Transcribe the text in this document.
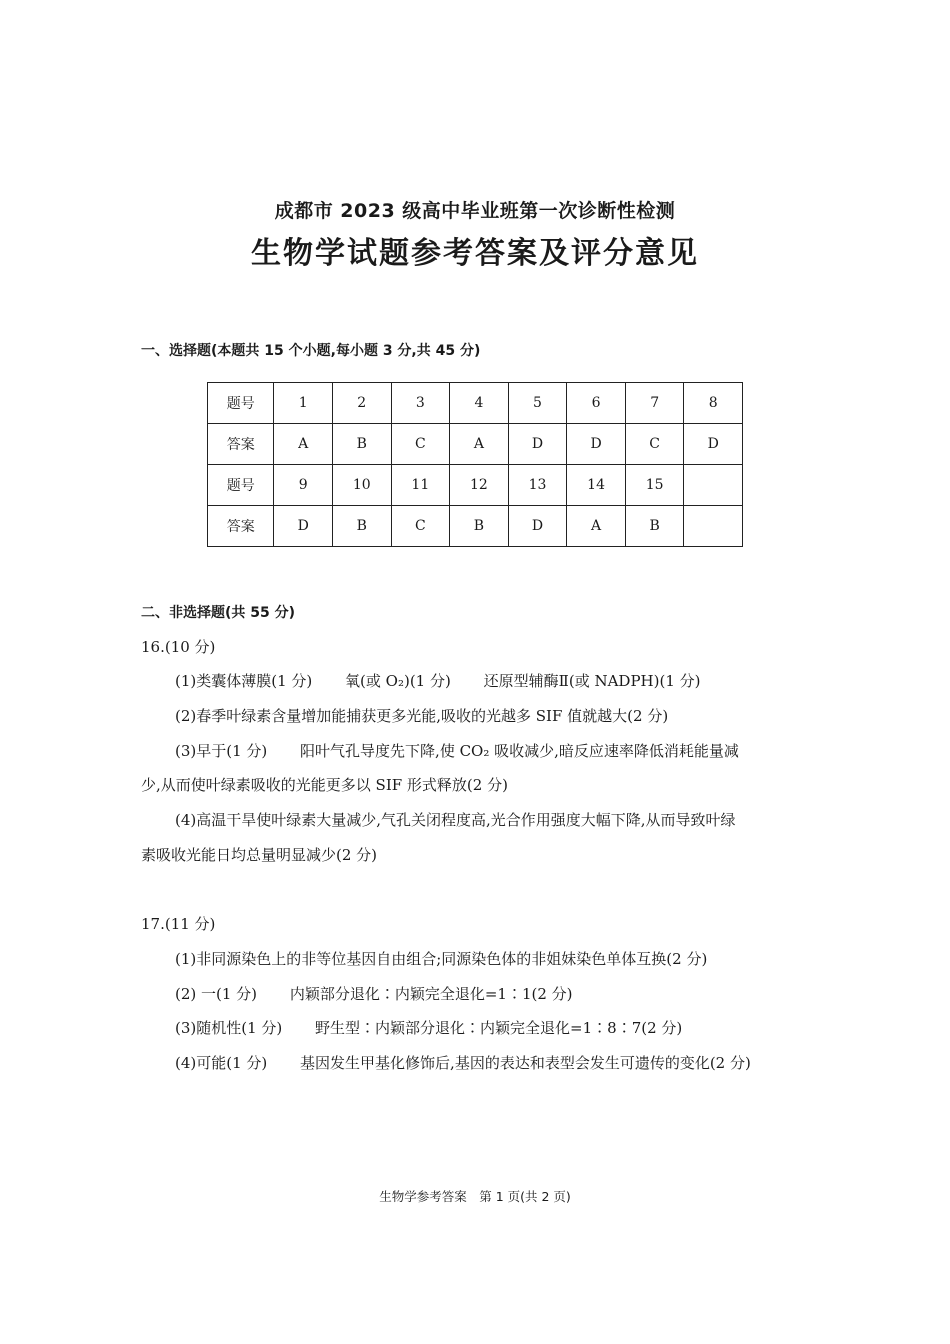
成都市 2023 级高中毕业班第一次诊断性检测
生物学试题参考答案及评分意见
一、选择题(本题共 15 个小题,每小题 3 分,共 45 分)
题号	1	2	3	4	5	6	7	8
答案	A	B	C	A	D	D	C	D
题号	9	10	11	12	13	14	15	
答案	D	B	C	B	D	A	B	
二、非选择题(共 55 分)
16.(10 分)
(1)类囊体薄膜(1 分) 氧(或 O₂)(1 分) 还原型辅酶Ⅱ(或 NADPH)(1 分)
(2)春季叶绿素含量增加能捕获更多光能,吸收的光越多 SIF 值就越大(2 分)
(3)早于(1 分) 阳叶气孔导度先下降,使 CO₂ 吸收减少,暗反应速率降低消耗能量减
少,从而使叶绿素吸收的光能更多以 SIF 形式释放(2 分)
(4)高温干旱使叶绿素大量减少,气孔关闭程度高,光合作用强度大幅下降,从而导致叶绿
素吸收光能日均总量明显减少(2 分)
17.(11 分)
(1)非同源染色上的非等位基因自由组合;同源染色体的非姐妹染色单体互换(2 分)
(2) 一(1 分) 内颖部分退化∶内颖完全退化=1∶1(2 分)
(3)随机性(1 分) 野生型∶内颖部分退化∶内颖完全退化=1∶8∶7(2 分)
(4)可能(1 分) 基因发生甲基化修饰后,基因的表达和表型会发生可遗传的变化(2 分)
生物学参考答案　第 1 页(共 2 页)
